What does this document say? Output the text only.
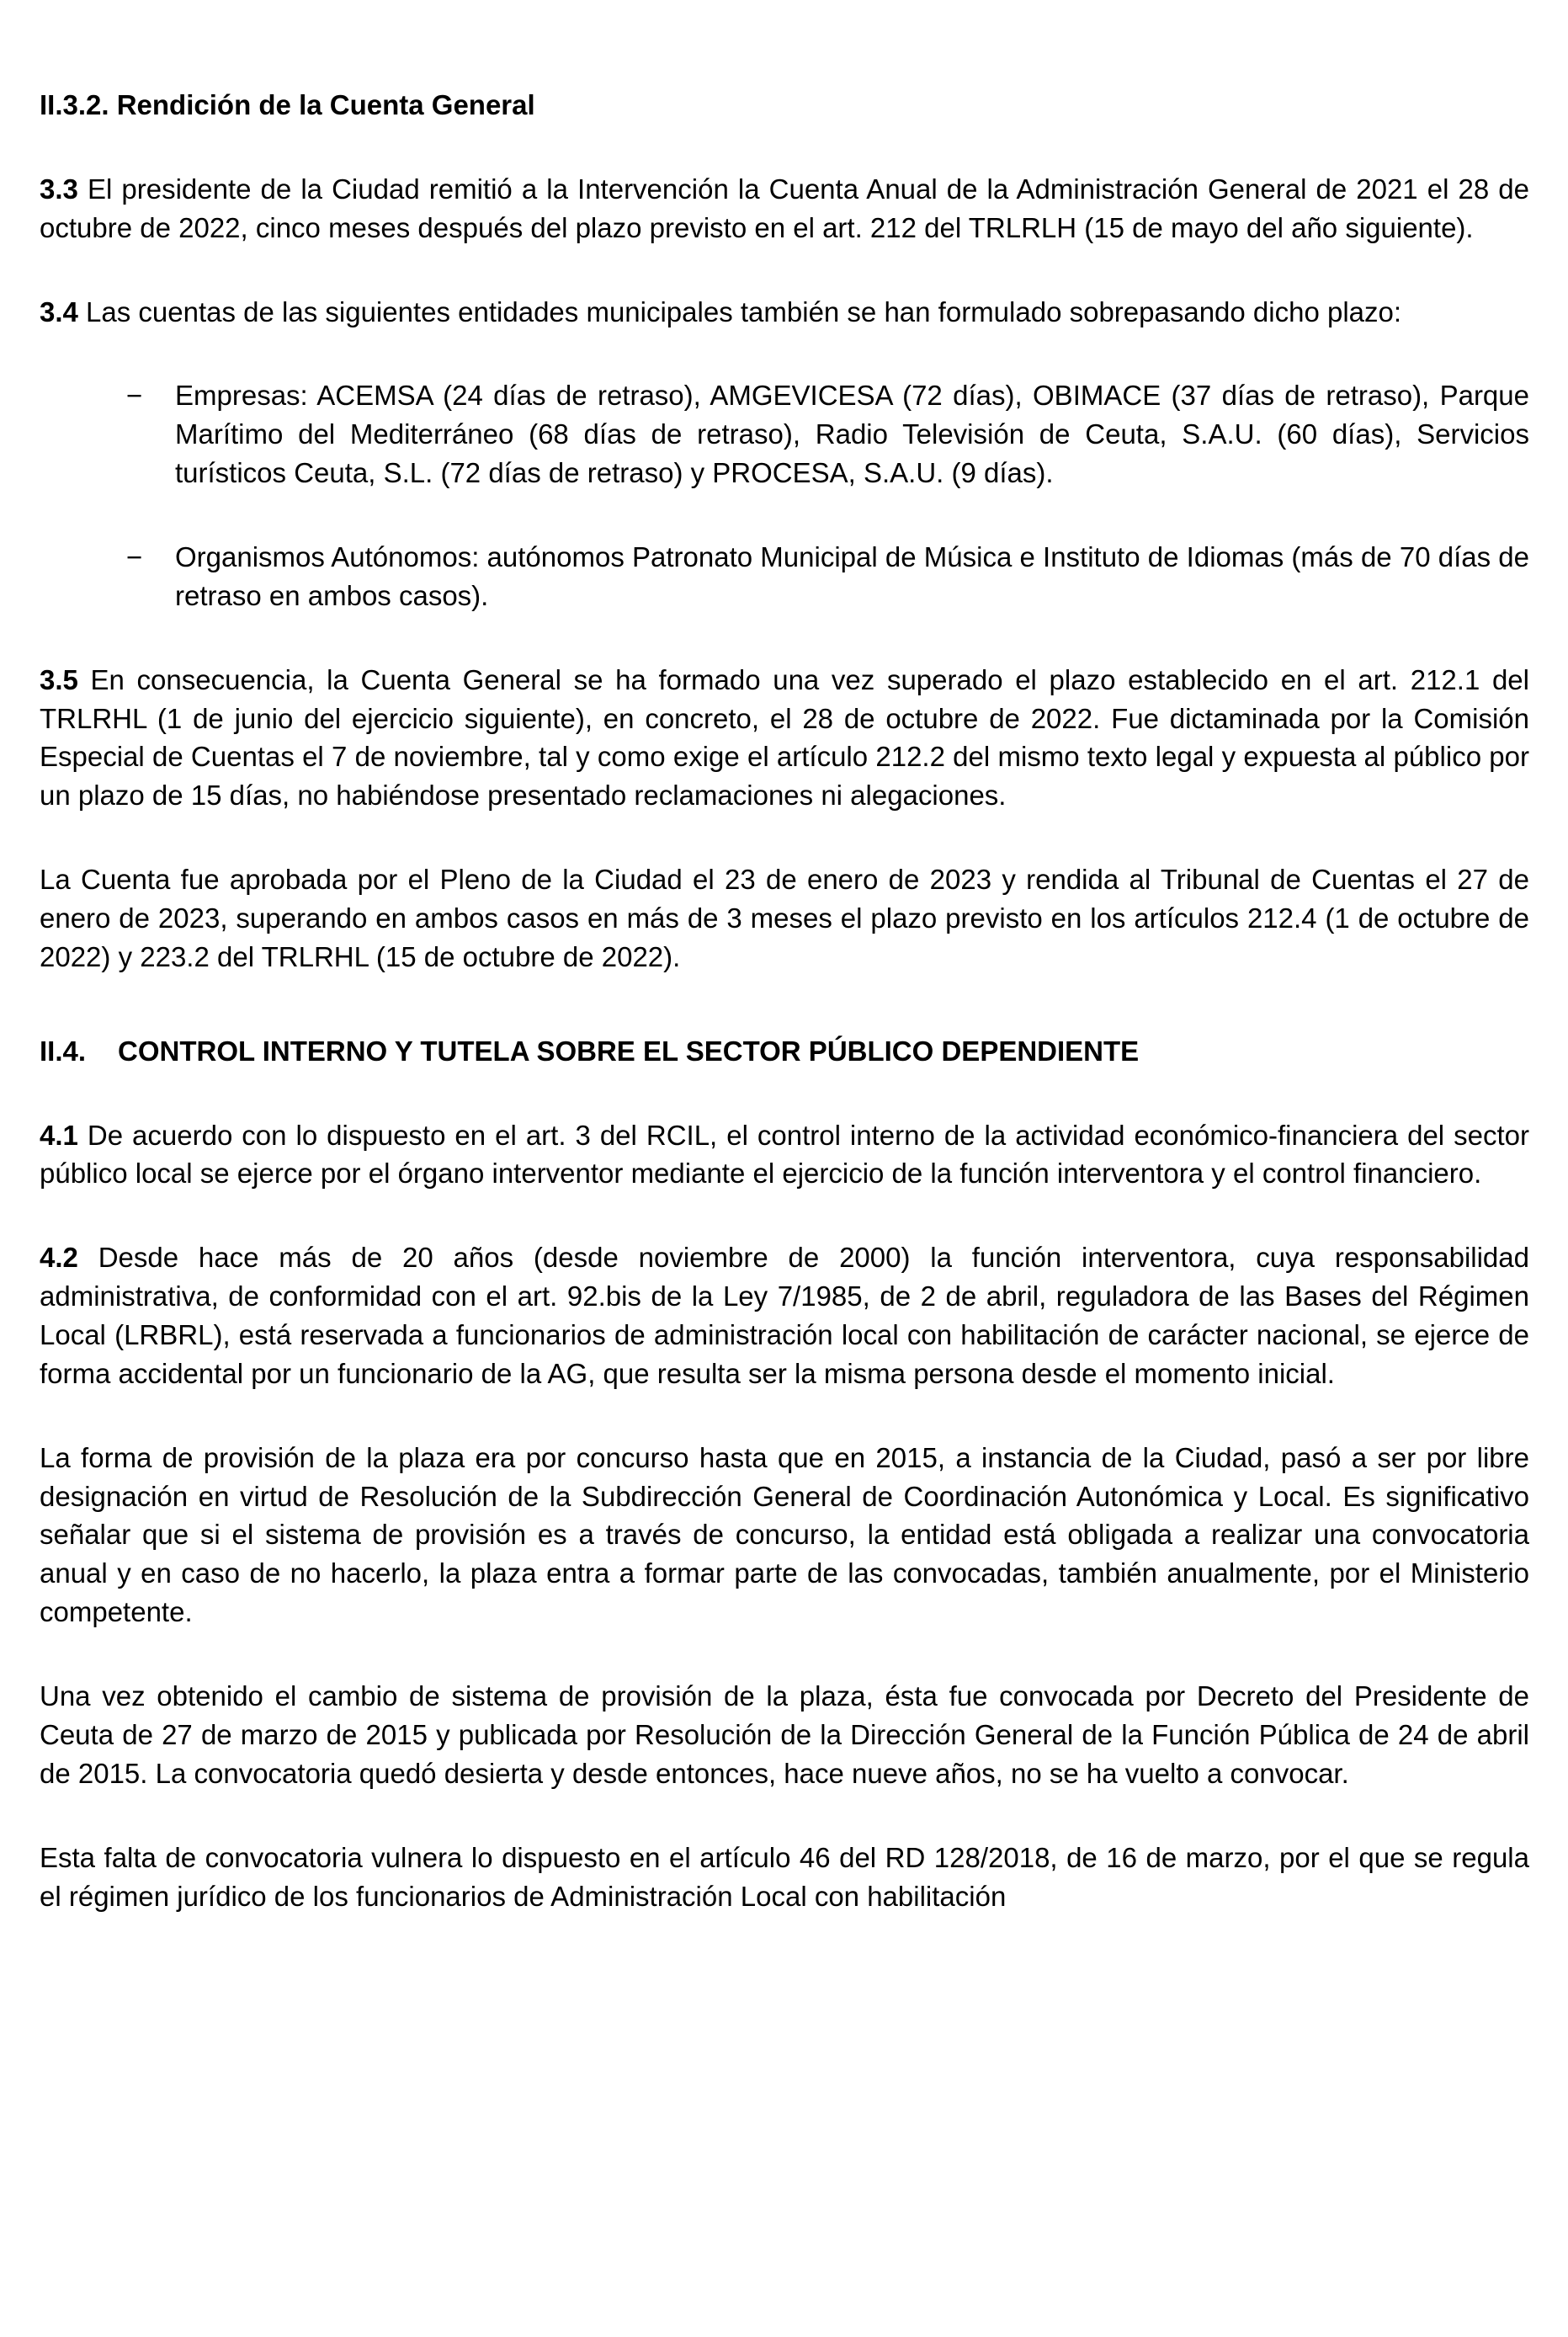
II.3.2. Rendición de la Cuenta General

3.3 El presidente de la Ciudad remitió a la Intervención la Cuenta Anual de la Administración General de 2021 el 28 de octubre de 2022, cinco meses después del plazo previsto en el art. 212 del TRLRLH (15 de mayo del año siguiente).

3.4 Las cuentas de las siguientes entidades municipales también se han formulado sobrepasando dicho plazo:

−	Empresas: ACEMSA (24 días de retraso), AMGEVICESA (72 días), OBIMACE (37 días de retraso), Parque Marítimo del Mediterráneo (68 días de retraso), Radio Televisión de Ceuta, S.A.U. (60 días), Servicios turísticos Ceuta, S.L. (72 días de retraso) y PROCESA, S.A.U. (9 días).
−	Organismos Autónomos: autónomos Patronato Municipal de Música e Instituto de Idiomas (más de 70 días de retraso en ambos casos).

3.5 En consecuencia, la Cuenta General se ha formado una vez superado el plazo establecido en el art. 212.1 del TRLRHL (1 de junio del ejercicio siguiente), en concreto, el 28 de octubre de 2022. Fue dictaminada por la Comisión Especial de Cuentas el 7 de noviembre, tal y como exige el artículo 212.2 del mismo texto legal y expuesta al público por un plazo de 15 días, no habiéndose presentado reclamaciones ni alegaciones.

La Cuenta fue aprobada por el Pleno de la Ciudad el 23 de enero de 2023 y rendida al Tribunal de Cuentas el 27 de enero de 2023, superando en ambos casos en más de 3 meses el plazo previsto en los artículos 212.4 (1 de octubre de 2022) y 223.2 del TRLRHL (15 de octubre de 2022).

II.4. CONTROL INTERNO Y TUTELA SOBRE EL SECTOR PÚBLICO DEPENDIENTE

4.1 De acuerdo con lo dispuesto en el art. 3 del RCIL, el control interno de la actividad económico-financiera del sector público local se ejerce por el órgano interventor mediante el ejercicio de la función interventora y el control financiero.

4.2 Desde hace más de 20 años (desde noviembre de 2000) la función interventora, cuya responsabilidad administrativa, de conformidad con el art. 92.bis de la Ley 7/1985, de 2 de abril, reguladora de las Bases del Régimen Local (LRBRL), está reservada a funcionarios de administración local con habilitación de carácter nacional, se ejerce de forma accidental por un funcionario de la AG, que resulta ser la misma persona desde el momento inicial.

La forma de provisión de la plaza era por concurso hasta que en 2015, a instancia de la Ciudad, pasó a ser por libre designación en virtud de Resolución de la Subdirección General de Coordinación Autonómica y Local. Es significativo señalar que si el sistema de provisión es a través de concurso, la entidad está obligada a realizar una convocatoria anual y en caso de no hacerlo, la plaza entra a formar parte de las convocadas, también anualmente, por el Ministerio competente.

Una vez obtenido el cambio de sistema de provisión de la plaza, ésta fue convocada por Decreto del Presidente de Ceuta de 27 de marzo de 2015 y publicada por Resolución de la Dirección General de la Función Pública de 24 de abril de 2015. La convocatoria quedó desierta y desde entonces, hace nueve años, no se ha vuelto a convocar.

Esta falta de convocatoria vulnera lo dispuesto en el artículo 46 del RD 128/2018, de 16 de marzo, por el que se regula el régimen jurídico de los funcionarios de Administración Local con habilitación
